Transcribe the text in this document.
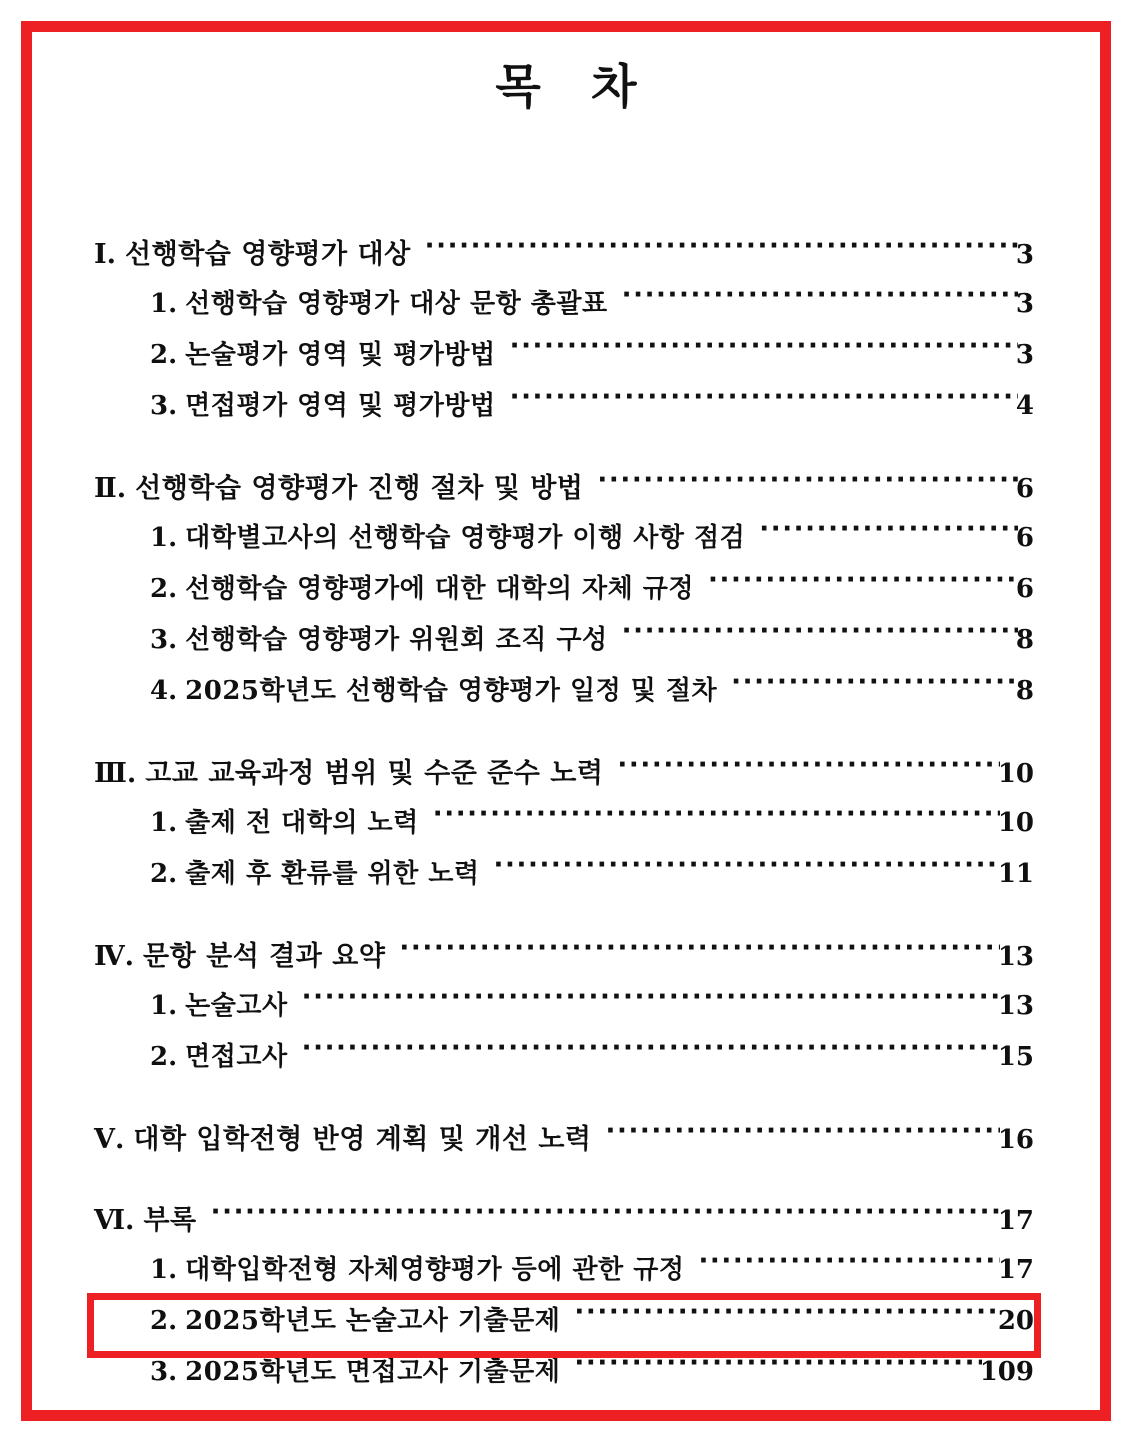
목 차
Ⅰ. 선행학습 영향평가 대상 ·····	3
1. 선행학습 영향평가 대상 문항 총괄표 ·····	3
2. 논술평가 영역 및 평가방법 ·····	3
3. 면접평가 영역 및 평가방법 ·····	4
Ⅱ. 선행학습 영향평가 진행 절차 및 방법 ·····	6
1. 대학별고사의 선행학습 영향평가 이행 사항 점검 ·····	6
2. 선행학습 영향평가에 대한 대학의 자체 규정 ·····	6
3. 선행학습 영향평가 위원회 조직 구성 ·····	8
4. 2025학년도 선행학습 영향평가 일정 및 절차 ·····	8
Ⅲ. 고교 교육과정 범위 및 수준 준수 노력 ·····	10
1. 출제 전 대학의 노력 ·····	10
2. 출제 후 환류를 위한 노력 ·····	11
Ⅳ. 문항 분석 결과 요약 ·····	13
1. 논술고사 ·····	13
2. 면접고사 ·····	15
Ⅴ. 대학 입학전형 반영 계획 및 개선 노력 ·····	16
Ⅵ. 부록 ·····	17
1. 대학입학전형 자체영향평가 등에 관한 규정 ·····	17
2. 2025학년도 논술고사 기출문제 ·····	20
3. 2025학년도 면접고사 기출문제 ·····	109
